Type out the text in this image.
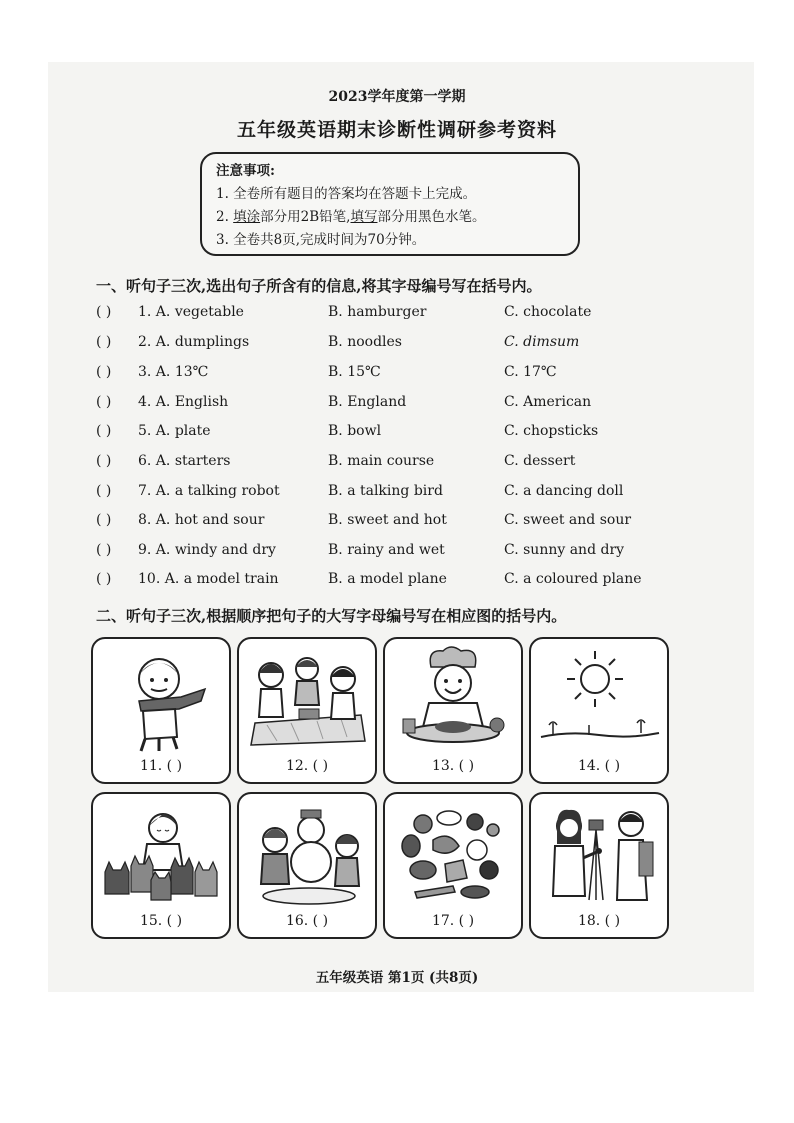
2023学年度第一学期
五年级英语期末诊断性调研参考资料
注意事项:
1. 全卷所有题目的答案均在答题卡上完成。
2. 填涂部分用2B铅笔,填写部分用黑色水笔。
3. 全卷共8页,完成时间为70分钟。
一、听句子三次,选出句子所含有的信息,将其字母编号写在括号内。
( ) 1. A. vegetable	B. hamburger	C. chocolate
( ) 2. A. dumplings	B. noodles	C. dimsum
( ) 3. A. 13℃	B. 15℃	C. 17℃
( ) 4. A. English	B. England	C. American
( ) 5. A. plate	B. bowl	C. chopsticks
( ) 6. A. starters	B. main course	C. dessert
( ) 7. A. a talking robot	B. a talking bird	C. a dancing doll
( ) 8. A. hot and sour	B. sweet and hot	C. sweet and sour
( ) 9. A. windy and dry	B. rainy and wet	C. sunny and dry
( ) 10. A. a model train	B. a model plane	C. a coloured plane
二、听句子三次,根据顺序把句子的大写字母编号写在相应图的括号内。
11. ( )	12. ( )	13. ( )	14. ( )
15. ( )	16. ( )	17. ( )	18. ( )
五年级英语 第1页 (共8页)
